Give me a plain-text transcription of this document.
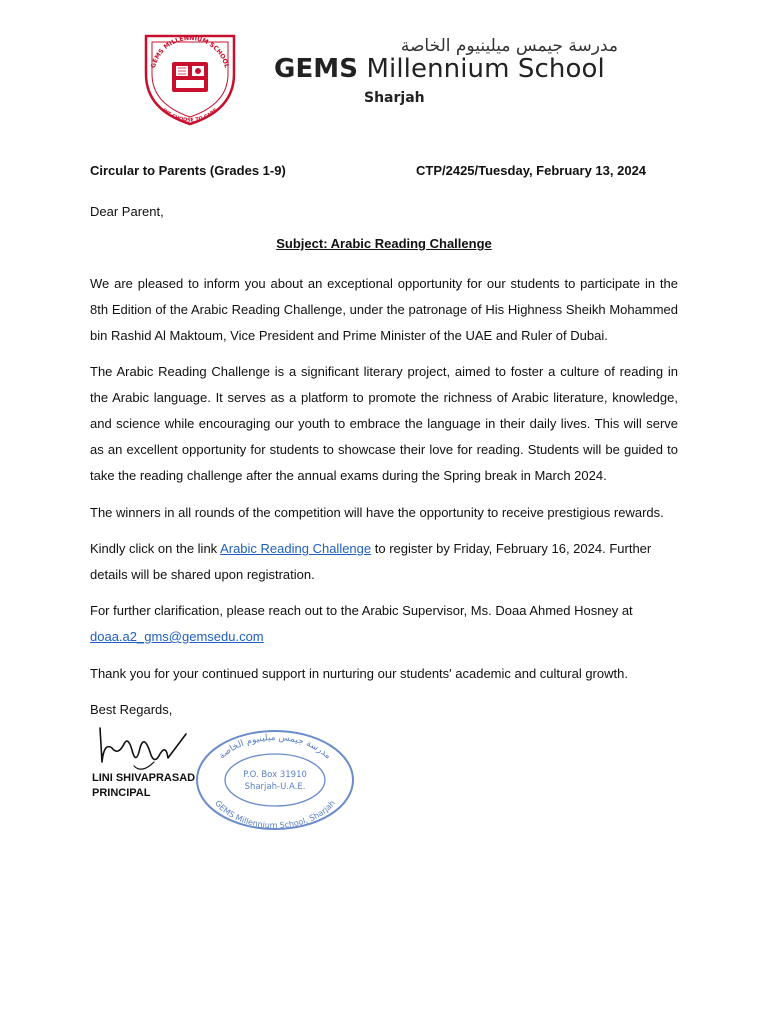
GEMS MILLENNIUM SCHOOL
WE CHOOSE TO CARE
مدرسة جيمس ميلينيوم الخاصة
GEMS Millennium School
Sharjah
Circular to Parents (Grades 1-9)	CTP/2425/Tuesday, February 13, 2024
Dear Parent,
Subject: Arabic Reading Challenge
We are pleased to inform you about an exceptional opportunity for our students to participate in the 8th Edition of the Arabic Reading Challenge, under the patronage of His Highness Sheikh Mohammed bin Rashid Al Maktoum, Vice President and Prime Minister of the UAE and Ruler of Dubai.
The Arabic Reading Challenge is a significant literary project, aimed to foster a culture of reading in the Arabic language. It serves as a platform to promote the richness of Arabic literature, knowledge, and science while encouraging our youth to embrace the language in their daily lives. This will serve as an excellent opportunity for students to showcase their love for reading. Students will be guided to take the reading challenge after the annual exams during the Spring break in March 2024.
The winners in all rounds of the competition will have the opportunity to receive prestigious rewards.
Kindly click on the link Arabic Reading Challenge to register by Friday, February 16, 2024. Further details will be shared upon registration.
For further clarification, please reach out to the Arabic Supervisor, Ms. Doaa Ahmed Hosney at
doaa.a2_gms@gemsedu.com
Thank you for your continued support in nurturing our students' academic and cultural growth.
Best Regards,
LINI SHIVAPRASAD
PRINCIPAL
مدرسة جيمس ميلينيوم الخاصة
GEMS Millennium School, Sharjah
P.O. Box 31910
Sharjah-U.A.E.
